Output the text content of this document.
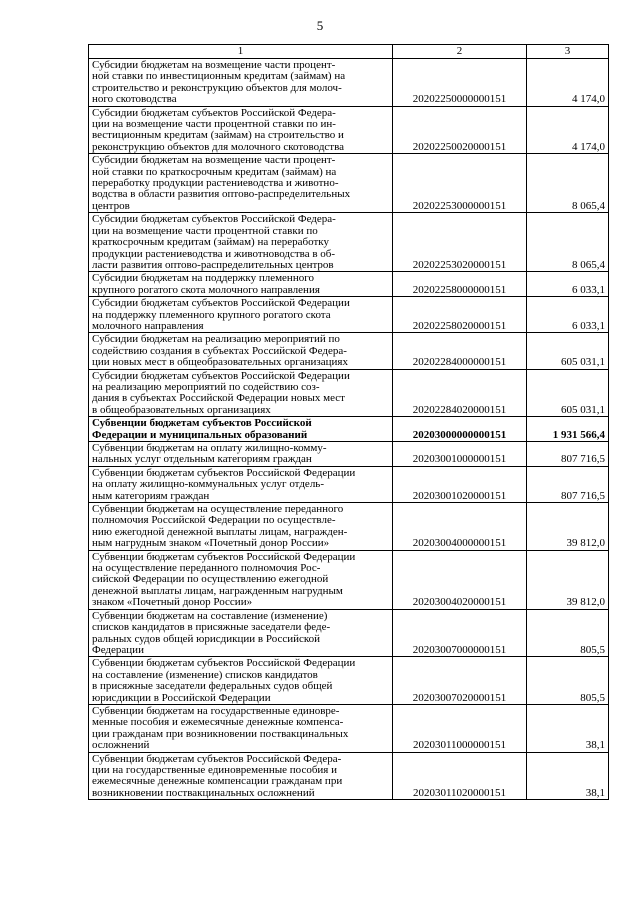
5
1	2	3
Субсидии бюджетам на возмещение части процент-
ной ставки по инвестиционным кредитам (займам) на
строительство и реконструкцию объектов для молоч-
ного скотоводства	20202250000000151	4 174,0
Субсидии бюджетам субъектов Российской Федера-
ции на возмещение части процентной ставки по ин-
вестиционным кредитам (займам) на строительство и
реконструкцию объектов для молочного скотоводства	20202250020000151	4 174,0
Субсидии бюджетам на возмещение части процент-
ной ставки по краткосрочным кредитам (займам) на
переработку продукции растениеводства и животно-
водства в области развития оптово-распределительных
центров	20202253000000151	8 065,4
Субсидии бюджетам субъектов Российской Федера-
ции на возмещение части процентной ставки по
краткосрочным кредитам (займам) на переработку
продукции растениеводства и животноводства в об-
ласти развития оптово-распределительных центров	20202253020000151	8 065,4
Субсидии бюджетам на поддержку племенного
крупного рогатого скота молочного направления	20202258000000151	6 033,1
Субсидии бюджетам субъектов Российской Федерации
на поддержку племенного крупного рогатого скота
молочного направления	20202258020000151	6 033,1
Субсидии бюджетам на реализацию мероприятий по
содействию создания в субъектах Российской Федера-
ции новых мест в общеобразовательных организациях	20202284000000151	605 031,1
Субсидии бюджетам субъектов Российской Федерации
на реализацию мероприятий по содействию соз-
дания в субъектах Российской Федерации новых мест
в общеобразовательных организациях	20202284020000151	605 031,1
Субвенции бюджетам субъектов Российской
Федерации и муниципальных образований	20203000000000151	1 931 566,4
Субвенции бюджетам на оплату жилищно-комму-
нальных услуг отдельным категориям граждан	20203001000000151	807 716,5
Субвенции бюджетам субъектов Российской Федерации
на оплату жилищно-коммунальных услуг отдель-
ным категориям граждан	20203001020000151	807 716,5
Субвенции бюджетам на осуществление переданного
полномочия Российской Федерации по осуществле-
нию ежегодной денежной выплаты лицам, награжден-
ным нагрудным знаком «Почетный донор России»	20203004000000151	39 812,0
Субвенции бюджетам субъектов Российской Федерации
на осуществление переданного полномочия Рос-
сийской Федерации по осуществлению ежегодной
денежной выплаты лицам, награжденным нагрудным
знаком «Почетный донор России»	20203004020000151	39 812,0
Субвенции бюджетам на составление (изменение)
списков кандидатов в присяжные заседатели феде-
ральных судов общей юрисдикции в Российской
Федерации	20203007000000151	805,5
Субвенции бюджетам субъектов Российской Федерации
на составление (изменение) списков кандидатов
в присяжные заседатели федеральных судов общей
юрисдикции в Российской Федерации	20203007020000151	805,5
Субвенции бюджетам на государственные единовре-
менные пособия и ежемесячные денежные компенса-
ции гражданам при возникновении поствакцинальных
осложнений	20203011000000151	38,1
Субвенции бюджетам субъектов Российской Федера-
ции на государственные единовременные пособия и
ежемесячные денежные компенсации гражданам при
возникновении поствакцинальных осложнений	20203011020000151	38,1
